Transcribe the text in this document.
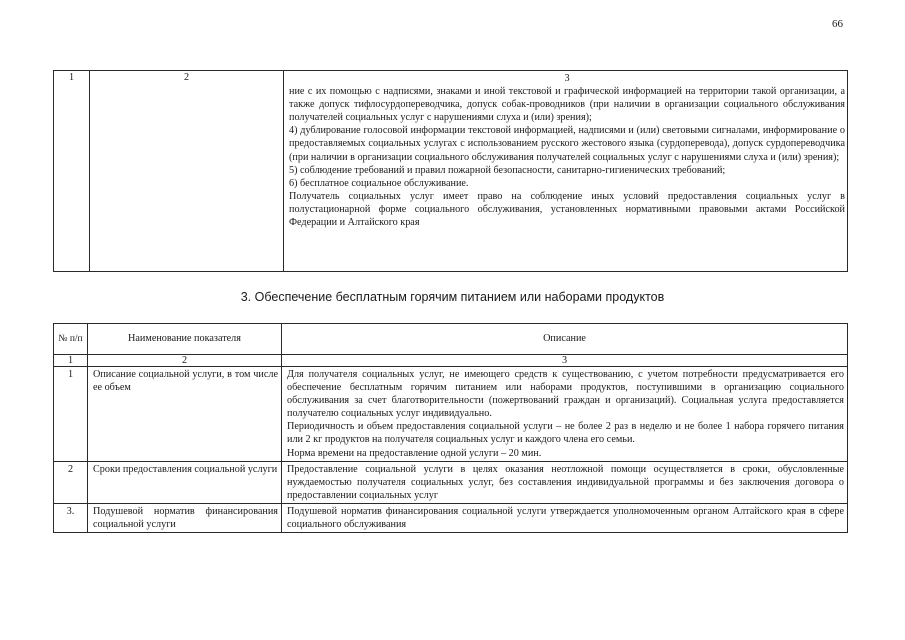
66
1	2	3
ние с их помощью с надписями, знаками и иной текстовой и графической информацией на территории такой организации, а также допуск тифлосурдопереводчика, допуск собак-проводников (при наличии в организации социального обслуживания получателей социальных услуг с нарушениями слуха и (или) зрения);
4) дублирование голосовой информации текстовой информацией, надписями и (или) световыми сигналами, информирование о предоставляемых социальных услугах с использованием русского жестового языка (сурдоперевода), допуск сурдопереводчика (при наличии в организации социального обслуживания получателей социальных услуг с нарушениями слуха и (или) зрения);
5) соблюдение требований и правил пожарной безопасности, санитарно-гигиенических требований;
6) бесплатное социальное обслуживание.
Получатель социальных услуг имеет право на соблюдение иных условий предоставления социальных услуг в полустационарной форме социального обслуживания, установленных нормативными правовыми актами Российской Федерации и Алтайского края
3. Обеспечение бесплатным горячим питанием или наборами продуктов
№ п/п	Наименование показателя	Описание
1	2	3
1	Описание социальной услуги, в том числе ее объем	Для получателя социальных услуг, не имеющего средств к существованию, с учетом потребности предусматривается его обеспечение бесплатным горячим питанием или наборами продуктов, поступившими в организацию социального обслуживания за счет благотворительности (пожертвований граждан и организаций). Социальная услуга предоставляется получателю социальных услуг индивидуально.
Периодичность и объем предоставления социальной услуги – не более 2 раз в неделю и не более 1 набора горячего питания или 2 кг продуктов на получателя социальных услуг и каждого члена его семьи.
Норма времени на предоставление одной услуги – 20 мин.

2	Сроки предоставления социальной услуги	Предоставление социальной услуги в целях оказания неотложной помощи осуществляется в сроки, обусловленные нуждаемостью получателя социальных услуг, без составления индивидуальной программы и без заключения договора о предоставлении социальных услуг

3.	Подушевой норматив финансирования социальной услуги	Подушевой норматив финансирования социальной услуги утверждается уполномоченным органом Алтайского края в сфере социального обслуживания
